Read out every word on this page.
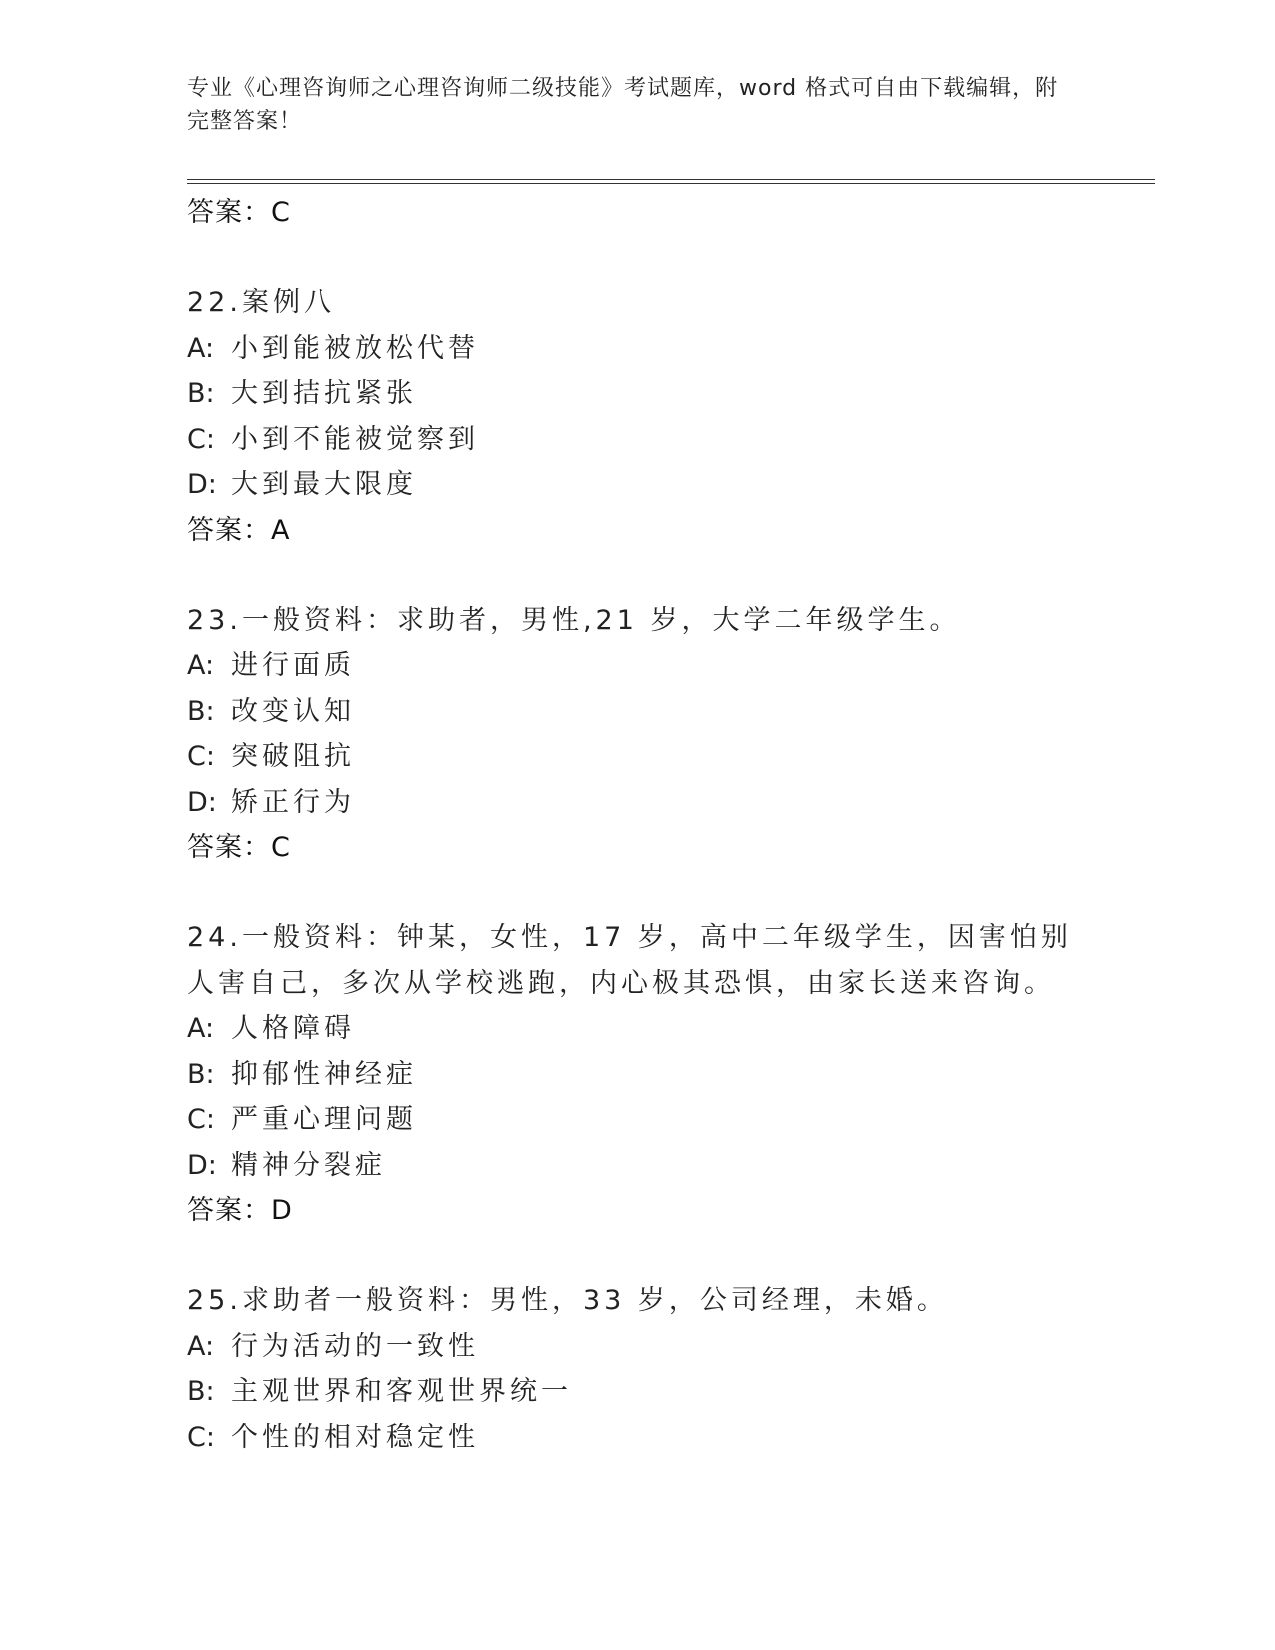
专业《心理咨询师之心理咨询师二级技能》考试题库，word 格式可自由下载编辑，附完整答案！
答案：C
22.案例八
A: 小到能被放松代替
B: 大到拮抗紧张
C: 小到不能被觉察到
D: 大到最大限度
答案：A
23.一般资料：求助者，男性,21 岁，大学二年级学生。
A: 进行面质
B: 改变认知
C: 突破阻抗
D: 矫正行为
答案：C
24.一般资料：钟某，女性，17 岁，高中二年级学生，因害怕别人害自己，多次从学校逃跑，内心极其恐惧，由家长送来咨询。
A: 人格障碍
B: 抑郁性神经症
C: 严重心理问题
D: 精神分裂症
答案：D
25.求助者一般资料：男性，33 岁，公司经理，未婚。
A: 行为活动的一致性
B: 主观世界和客观世界统一
C: 个性的相对稳定性
